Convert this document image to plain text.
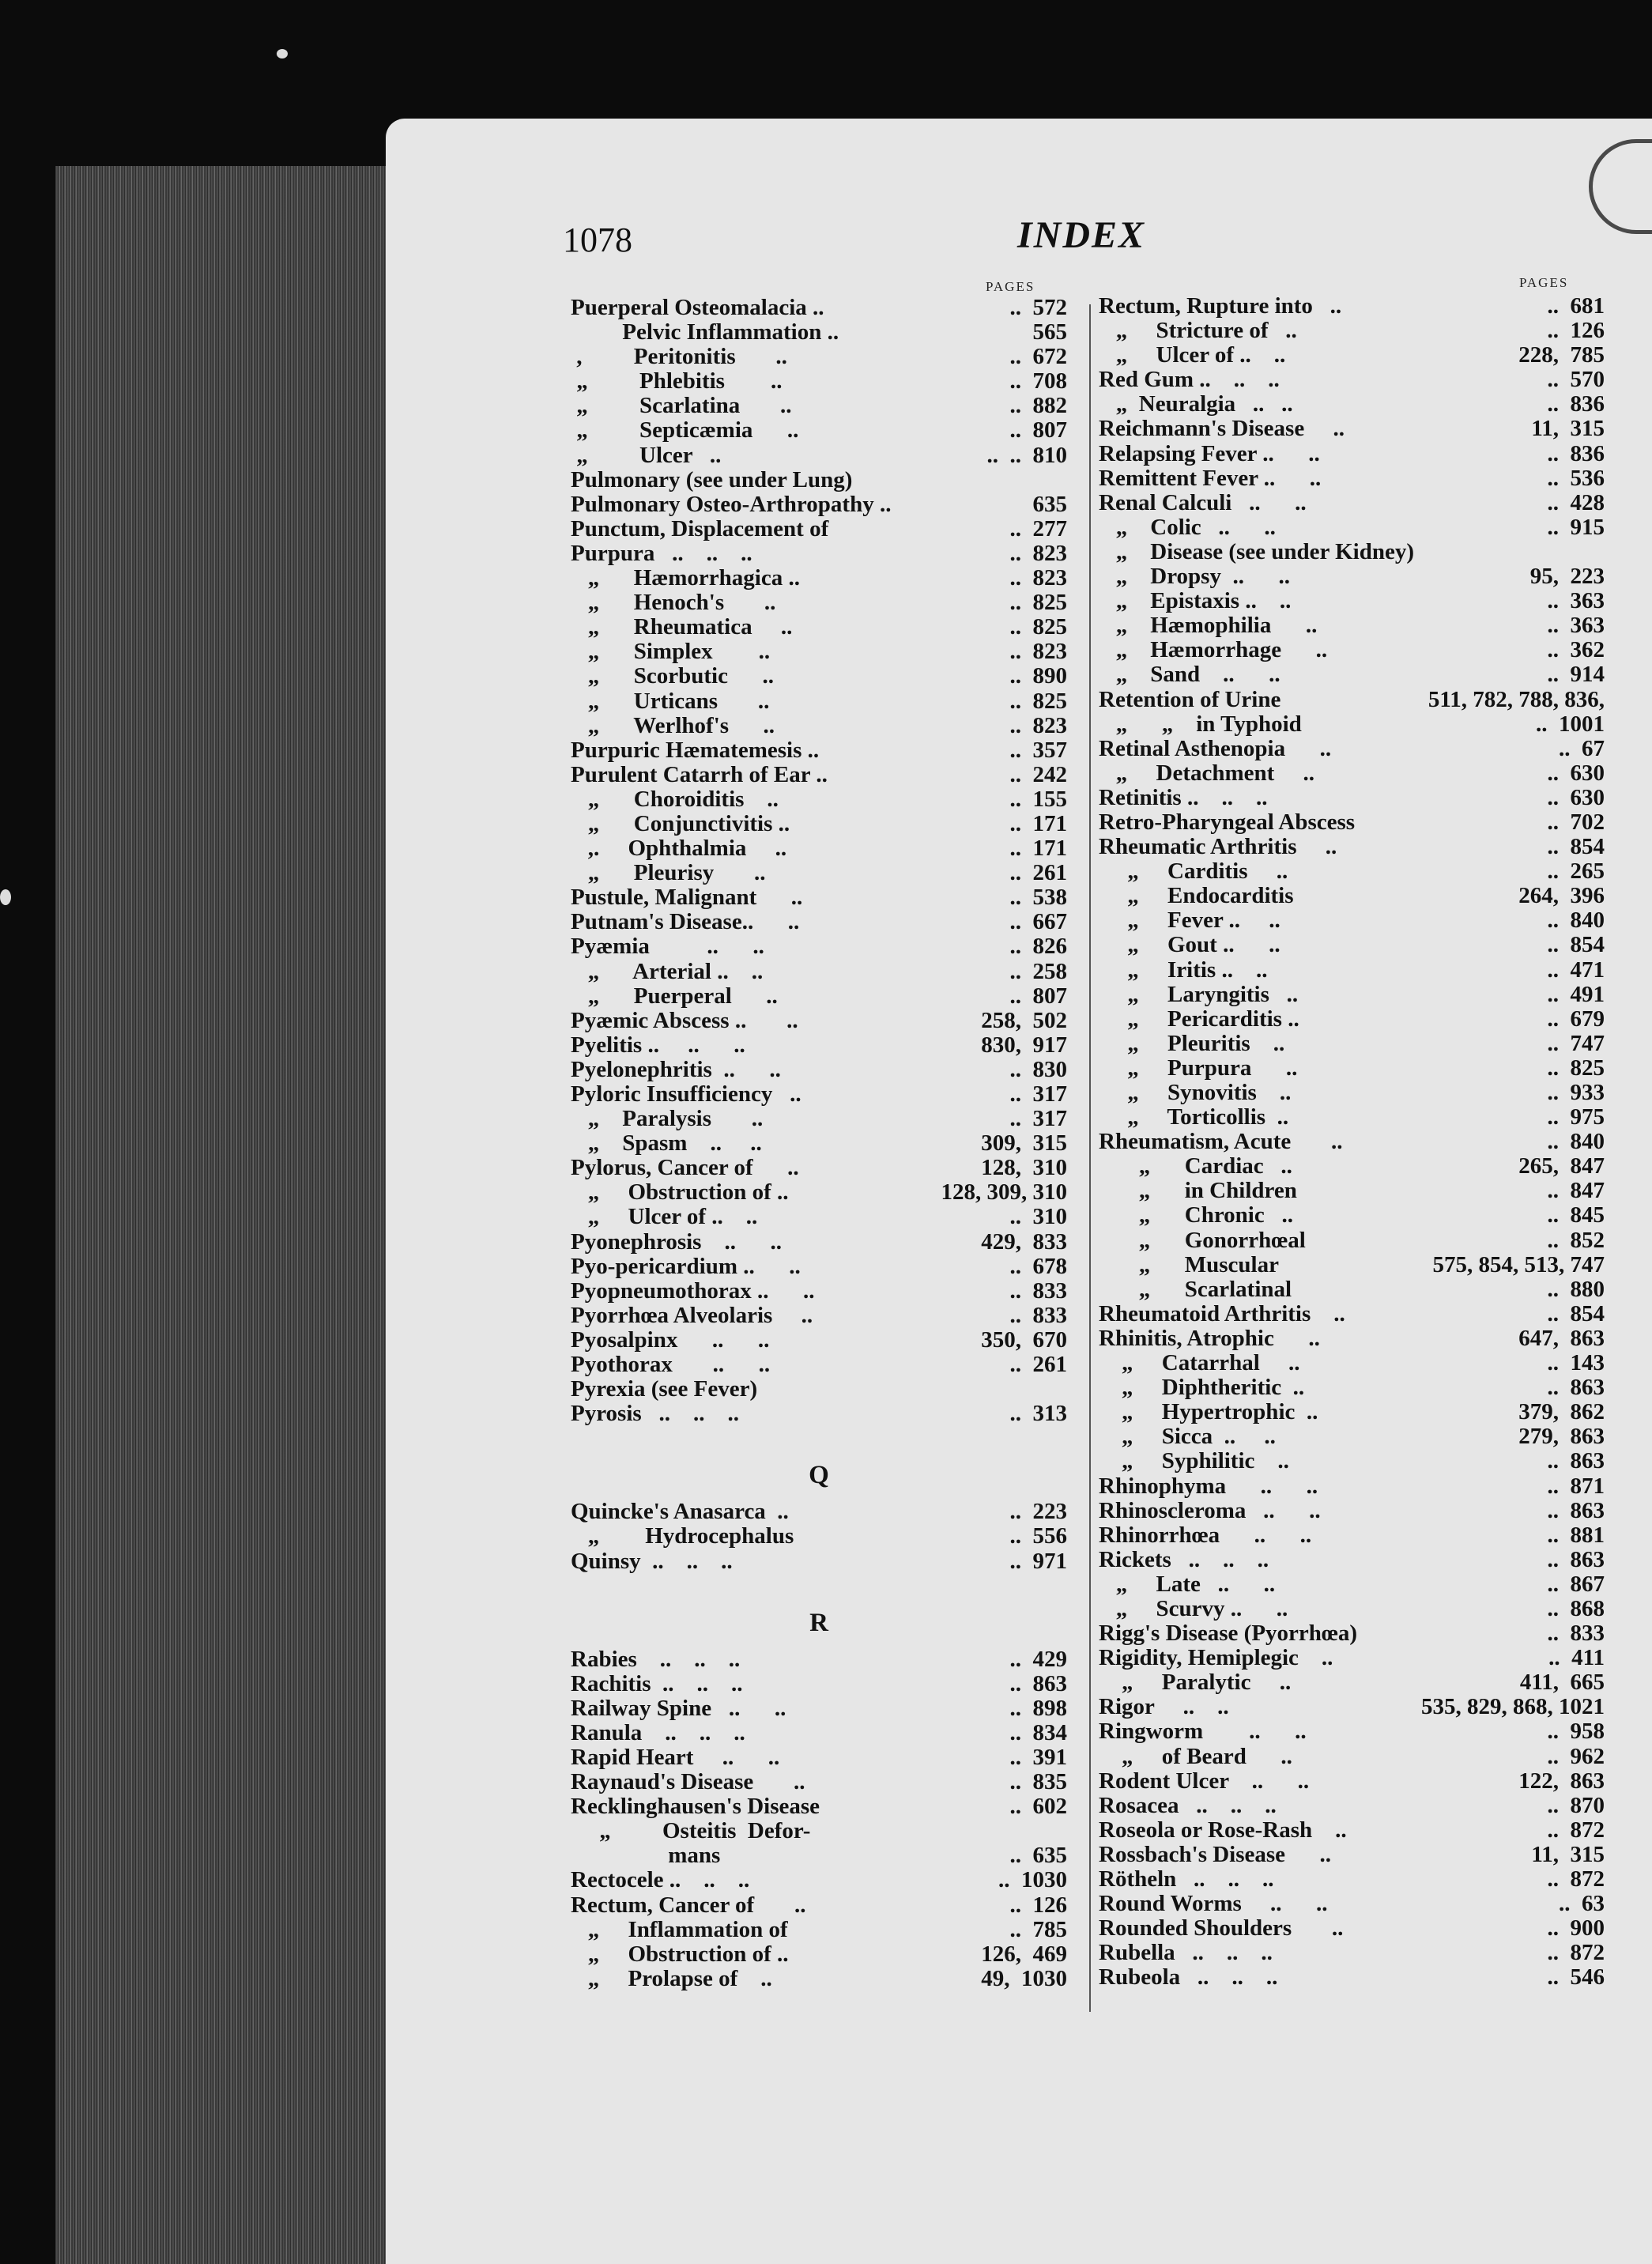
1078	INDEX
PAGES	PAGES
Puerperal Osteomalacia ..	..  572
Pelvic Inflammation ..	565
,         Peritonitis       ..	..  672
„         Phlebitis        ..	..  708
„         Scarlatina       ..	..  882
„         Septicæmia      ..	..  807
„         Ulcer   ..	..  ..  810
Pulmonary (see under Lung)
Pulmonary Osteo-Arthropathy ..	635
Punctum, Displacement of	..  277
Purpura   ..    ..    ..	..  823
„      Hæmorrhagica ..	..  823
„      Henoch's       ..	..  825
„      Rheumatica     ..	..  825
„      Simplex        ..	..  823
„      Scorbutic      ..	..  890
„      Urticans       ..	..  825
„      Werlhof's      ..	..  823
Purpuric Hæmatemesis ..	..  357
Purulent Catarrh of Ear ..	..  242
„      Choroiditis    ..	..  155
„      Conjunctivitis ..	..  171
,.     Ophthalmia     ..	..  171
„      Pleurisy       ..	..  261
Pustule, Malignant      ..	..  538
Putnam's Disease..      ..	..  667
Pyæmia          ..      ..	..  826
„      Arterial ..    ..	..  258
„      Puerperal      ..	..  807
Pyæmic Abscess ..       ..	258,  502
Pyelitis ..     ..      ..	830,  917
Pyelonephritis  ..      ..	..  830
Pyloric Insufficiency   ..	..  317
„    Paralysis       ..	..  317
„    Spasm    ..     ..	309,  315
Pylorus, Cancer of      ..	128,  310
„     Obstruction of ..	128, 309, 310
„     Ulcer of ..    ..	..  310
Pyonephrosis    ..      ..	429,  833
Pyo-pericardium ..      ..	..  678
Pyopneumothorax ..      ..	..  833
Pyorrhœa Alveolaris     ..	..  833
Pyosalpinx      ..      ..	350,  670
Pyothorax       ..      ..	..  261
Pyrexia (see Fever)
Pyrosis   ..    ..    ..	..  313
Q
Quincke's Anasarca  ..	..  223
„        Hydrocephalus	..  556
Quinsy  ..    ..    ..	..  971
R
Rabies    ..    ..    ..	..  429
Rachitis  ..    ..    ..	..  863
Railway Spine   ..      ..	..  898
Ranula    ..    ..    ..	..  834
Rapid Heart     ..      ..	..  391
Raynaud's Disease       ..	..  835
Recklinghausen's Disease	..  602
„         Osteitis  Defor-
mans	..  635
Rectocele ..    ..    ..	..  1030
Rectum, Cancer of       ..	..  126
„     Inflammation of	..  785
„     Obstruction of ..	126,  469
„     Prolapse of    ..	49,  1030
Rectum, Rupture into   ..	..  681
„     Stricture of   ..	..  126
„     Ulcer of ..    ..	228,  785
Red Gum ..    ..    ..	..  570
„  Neuralgia   ..   ..	..  836
Reichmann's Disease     ..	11,  315
Relapsing Fever ..      ..	..  836
Remittent Fever ..      ..	..  536
Renal Calculi   ..      ..	..  428
„    Colic   ..      ..	..  915
„    Disease (see under Kidney)
„    Dropsy  ..      ..	95,  223
„    Epistaxis ..    ..	..  363
„    Hæmophilia      ..	..  363
„    Hæmorrhage      ..	..  362
„    Sand    ..      ..	..  914
Retention of Urine	511, 782, 788, 836,
„      „    in Typhoid	..  1001
Retinal Asthenopia      ..	..  67
„     Detachment     ..	..  630
Retinitis ..    ..    ..	..  630
Retro-Pharyngeal Abscess	..  702
Rheumatic Arthritis     ..	..  854
„     Carditis     ..	..  265
„     Endocarditis	264,  396
„     Fever ..     ..	..  840
„     Gout ..      ..	..  854
„     Iritis ..    ..	..  471
„     Laryngitis   ..	..  491
„     Pericarditis ..	..  679
„     Pleuritis    ..	..  747
„     Purpura      ..	..  825
„     Synovitis    ..	..  933
„     Torticollis  ..	..  975
Rheumatism, Acute       ..	..  840
„      Cardiac   ..	265,  847
„      in Children	..  847
„      Chronic   ..	..  845
„      Gonorrhœal	..  852
„      Muscular	575, 854, 513, 747
„      Scarlatinal	..  880
Rheumatoid Arthritis    ..	..  854
Rhinitis, Atrophic      ..	647,  863
„     Catarrhal     ..	..  143
„     Diphtheritic  ..	..  863
„     Hypertrophic  ..	379,  862
„     Sicca  ..     ..	279,  863
„     Syphilitic    ..	..  863
Rhinophyma      ..      ..	..  871
Rhinoscleroma   ..      ..	..  863
Rhinorrhœa      ..      ..	..  881
Rickets   ..    ..    ..	..  863
„     Late   ..      ..	..  867
„     Scurvy ..      ..	..  868
Rigg's Disease (Pyorrhœa)	..  833
Rigidity, Hemiplegic    ..	..  411
„     Paralytic     ..	411,  665
Rigor     ..    ..	535, 829, 868, 1021
Ringworm        ..      ..	..  958
„     of Beard      ..	..  962
Rodent Ulcer    ..      ..	122,  863
Rosacea   ..    ..    ..	..  870
Roseola or Rose-Rash    ..	..  872
Rossbach's Disease      ..	11,  315
Rötheln   ..    ..    ..	..  872
Round Worms     ..      ..	..  63
Rounded Shoulders       ..	..  900
Rubella   ..    ..    ..	..  872
Rubeola   ..    ..    ..	..  546
